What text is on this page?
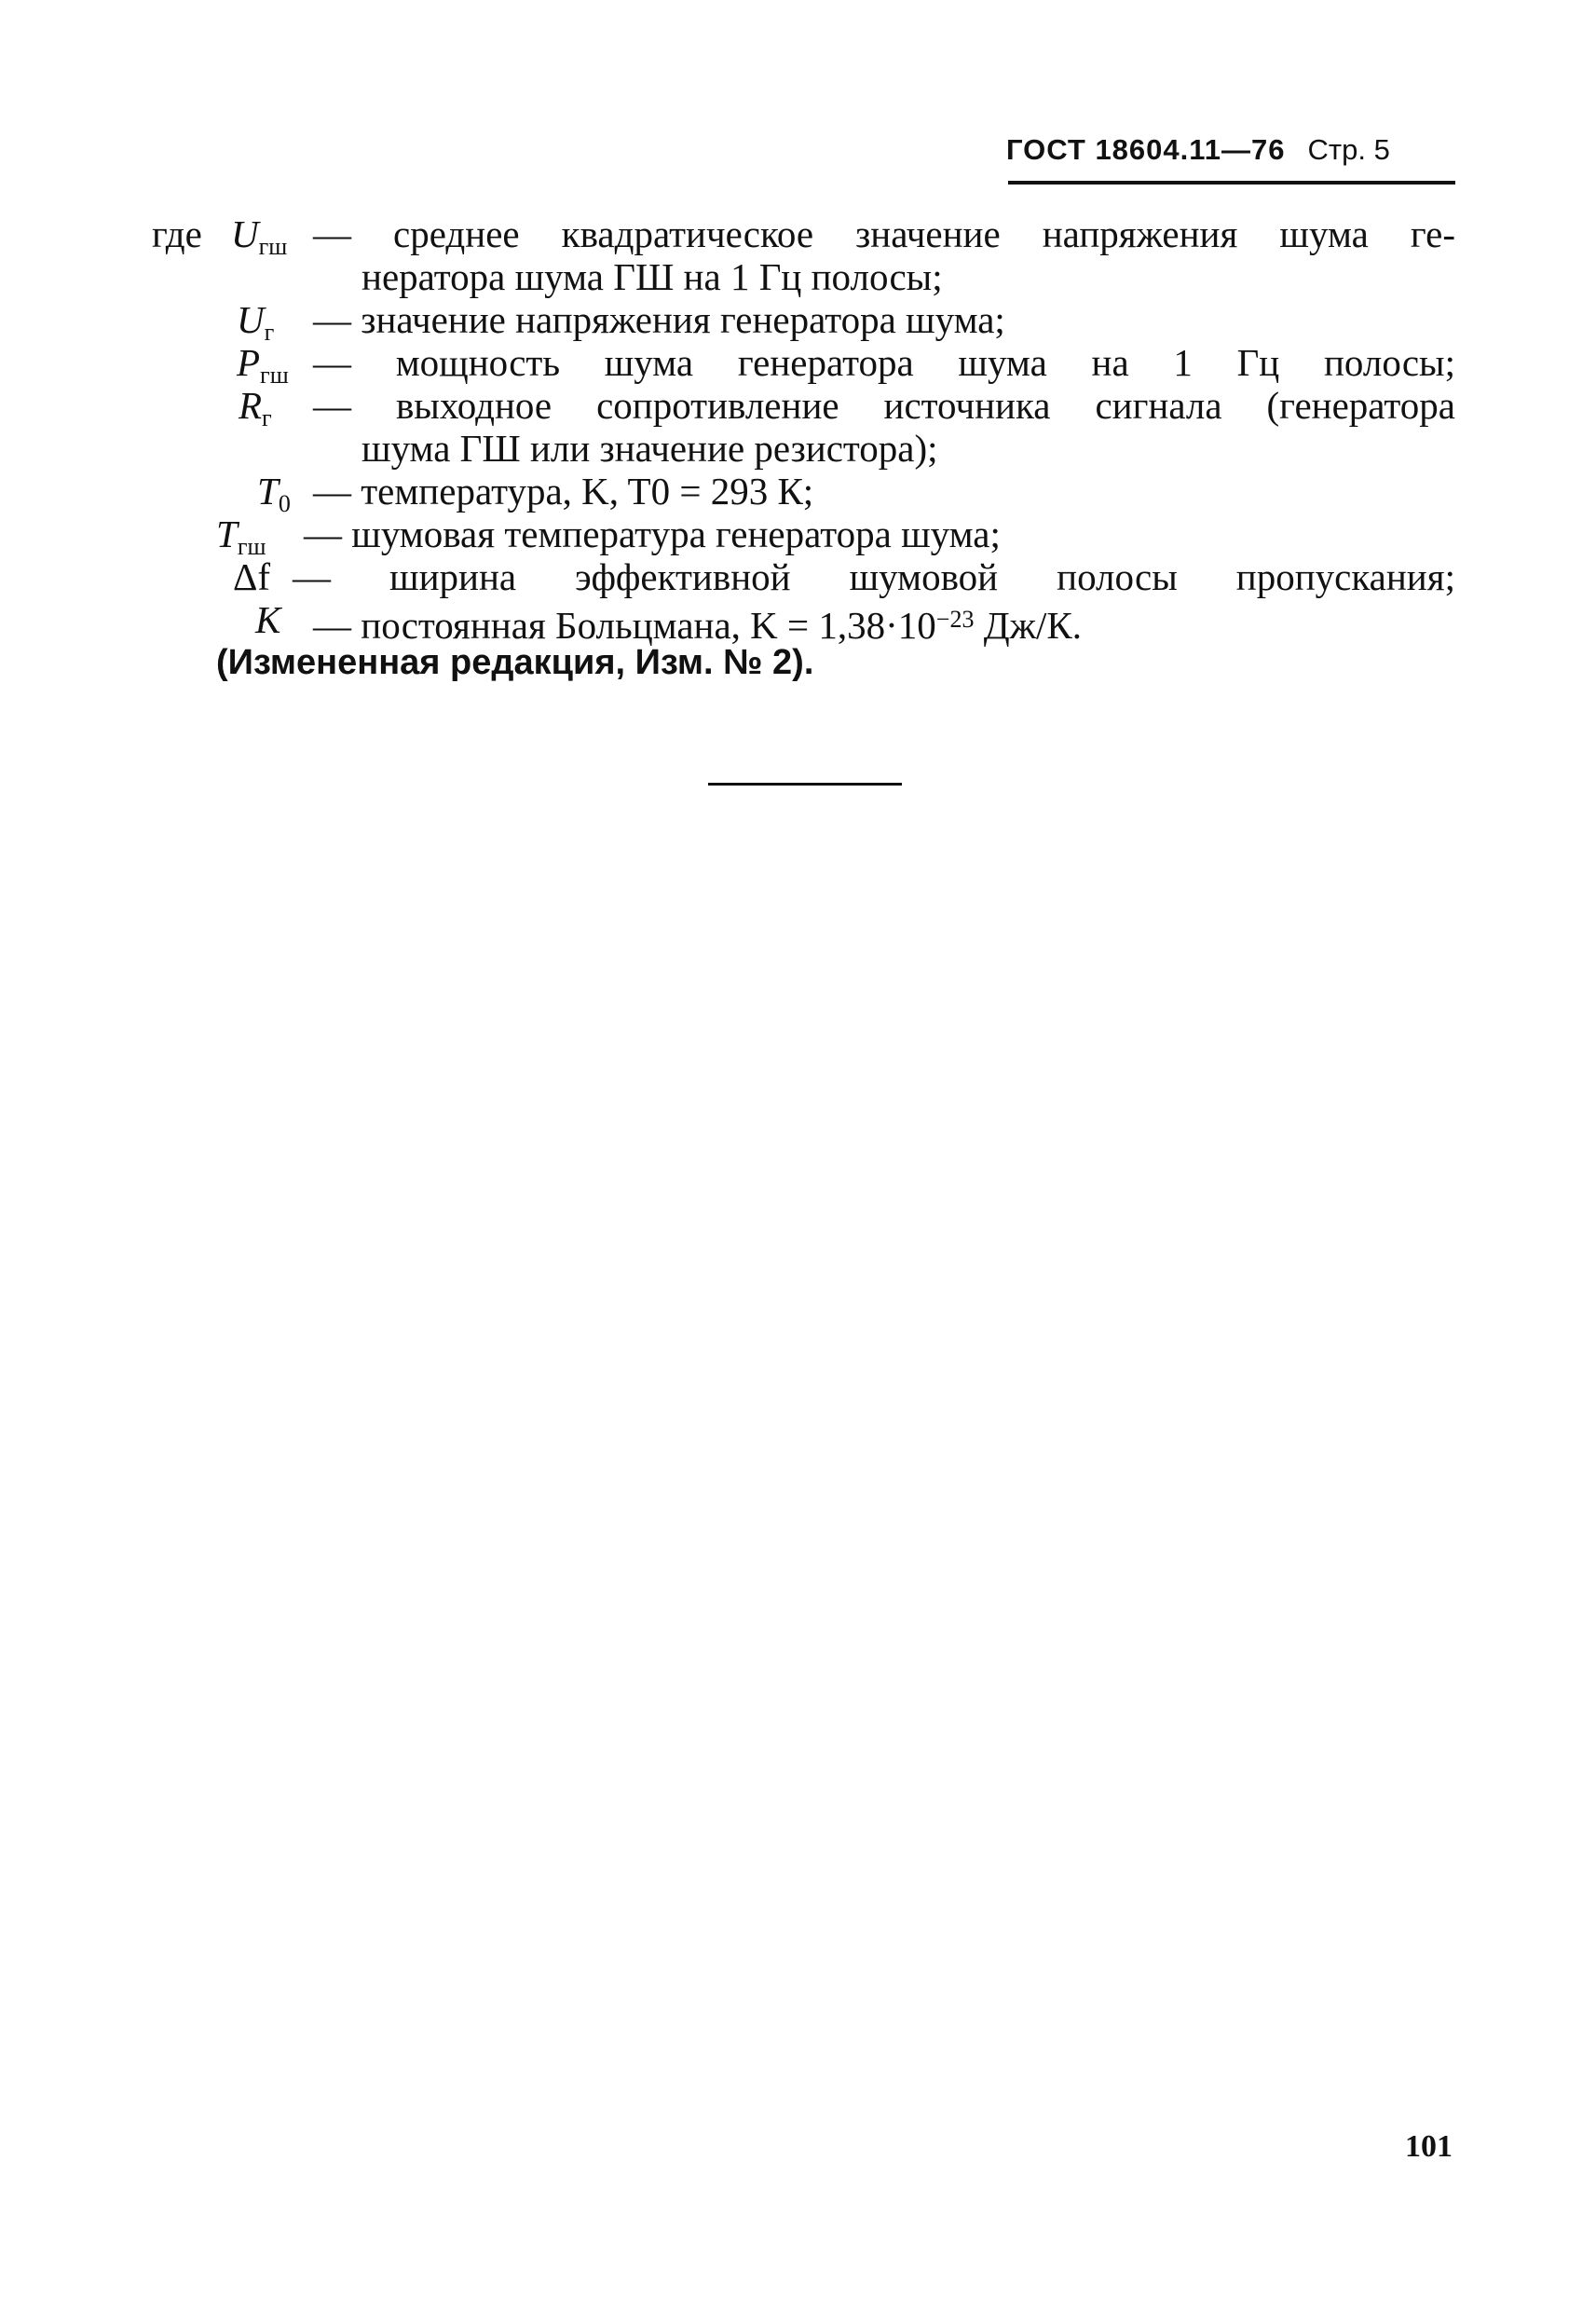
ГОСТ 18604.11—76 Стр. 5
где $U_{гш}$ — среднее квадратическое значение напряжения шума ге-
нератора шума ГШ на 1 Гц полосы;
$U_г$ — значение напряжения генератора шума;
$P_{гш}$ — мощность шума генератора шума на 1 Гц полосы;
$R_г$ — выходное сопротивление источника сигнала (генератора
шума ГШ или значение резистора);
$T_0$ — температура, K, T0 = 293 К;
$T_{гш}$ — шумовая температура генератора шума;
Δf — ширина эффективной шумовой полосы пропускания;
K — постоянная Больцмана, $K = 1,38\cdot 10^{-23}$ Дж/К.
(Измененная редакция, Изм. № 2).
101
